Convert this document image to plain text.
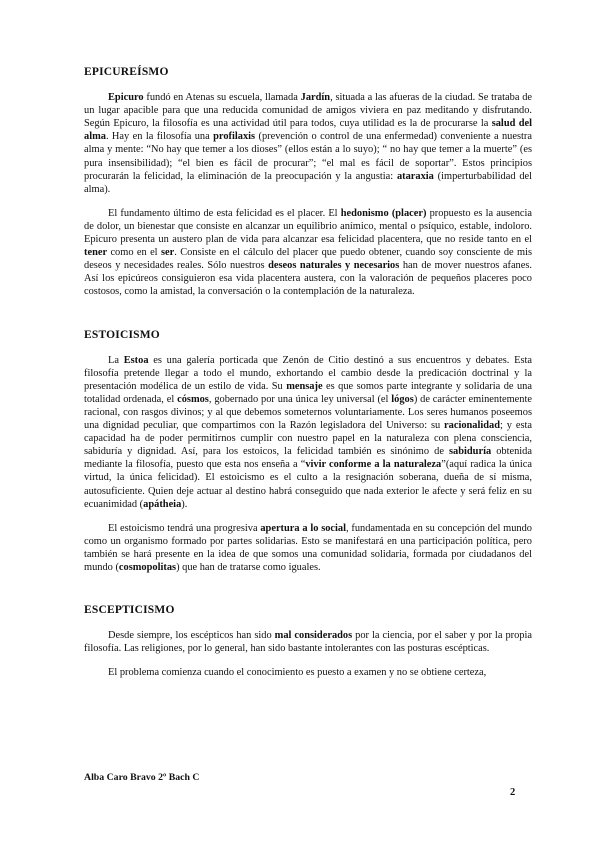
EPICUREÍSMO

Epicuro fundó en Atenas su escuela, llamada Jardín, situada a las afueras de la ciudad. Se trataba de un lugar apacible para que una reducida comunidad de amigos viviera en paz meditando y disfrutando. Según Epicuro, la filosofía es una actividad útil para todos, cuya utilidad es la de procurarse la salud del alma. Hay en la filosofía una profilaxis (prevención o control de una enfermedad) conveniente a nuestra alma y mente: “No hay que temer a los dioses” (ellos están a lo suyo); “ no hay que temer a la muerte” (es pura insensibilidad); “el bien es fácil de procurar”; “el mal es fácil de soportar”. Estos principios procurarán la felicidad, la eliminación de la preocupación y la angustia: ataraxia (imperturbabilidad del alma).

El fundamento último de esta felicidad es el placer. El hedonismo (placer) propuesto es la ausencia de dolor, un bienestar que consiste en alcanzar un equilibrio anímico, mental o psíquico, estable, indoloro. Epicuro presenta un austero plan de vida para alcanzar esa felicidad placentera, que no reside tanto en el tener como en el ser. Consiste en el cálculo del placer que puedo obtener, cuando soy consciente de mis deseos y necesidades reales. Sólo nuestros deseos naturales y necesarios han de mover nuestros afanes. Así los epicúreos consiguieron esa vida placentera austera, con la valoración de pequeños placeres poco costosos, como la amistad, la conversación o la contemplación de la naturaleza.

ESTOICISMO

La Estoa es una galería porticada que Zenón de Citio destinó a sus encuentros y debates. Esta filosofía pretende llegar a todo el mundo, exhortando el cambio desde la predicación doctrinal y la presentación modélica de un estilo de vida. Su mensaje es que somos parte integrante y solidaria de una totalidad ordenada, el cósmos, gobernado por una única ley universal (el lógos) de carácter eminentemente racional, con rasgos divinos; y al que debemos someternos voluntariamente. Los seres humanos poseemos una dignidad peculiar, que compartimos con la Razón legisladora del Universo: su racionalidad; y esta capacidad ha de poder permitirnos cumplir con nuestro papel en la naturaleza con plena consciencia, sabiduría y dignidad. Así, para los estoicos, la felicidad también es sinónimo de sabiduría obtenida mediante la filosofía, puesto que esta nos enseña a “vivir conforme a la naturaleza”(aquí radica la única virtud, la única felicidad). El estoicismo es el culto a la resignación soberana, dueña de sí misma, autosuficiente. Quien deje actuar al destino habrá conseguido que nada exterior le afecte y será feliz en su ecuanimidad (apátheia).

El estoicismo tendrá una progresiva apertura a lo social, fundamentada en su concepción del mundo como un organismo formado por partes solidarias. Esto se manifestará en una participación política, pero también se hará presente en la idea de que somos una comunidad solidaria, formada por ciudadanos del mundo (cosmopolitas) que han de tratarse como iguales.

ESCEPTICISMO

Desde siempre, los escépticos han sido mal considerados por la ciencia, por el saber y por la propia filosofía. Las religiones, por lo general, han sido bastante intolerantes con las posturas escépticas.

El problema comienza cuando el conocimiento es puesto a examen y no se obtiene certeza,

Alba Caro Bravo 2º Bach C
2
